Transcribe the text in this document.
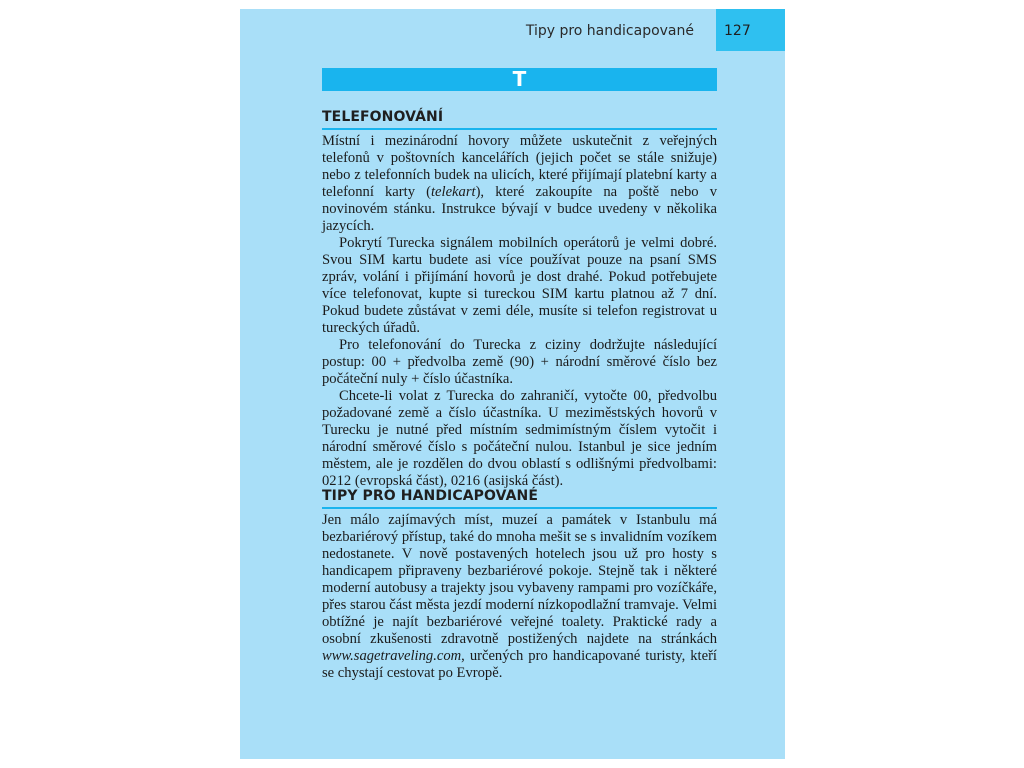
Tipy pro handicapované 127
T
TELEFONOVÁNÍ

Místní i mezinárodní hovory můžete uskutečnit z veřejných telefonů v poštovních kancelářích (jejich počet se stále snižuje) nebo z telefonních budek na ulicích, které přijímají platební karty a telefonní karty (telekart), které zakoupíte na poště nebo v novinovém stánku. Instrukce bývají v budce uvedeny v několika jazycích.

Pokrytí Turecka signálem mobilních operátorů je velmi dobré. Svou SIM kartu budete asi více používat pouze na psaní SMS zpráv, volání i přijímání hovorů je dost drahé. Pokud potřebujete více telefonovat, kupte si tureckou SIM kartu platnou až 7 dní. Pokud budete zůstávat v zemi déle, musíte si telefon registrovat u tureckých úřadů.

Pro telefonování do Turecka z ciziny dodržujte následující postup: 00 + předvolba země (90) + národní směrové číslo bez počáteční nuly + číslo účastníka.

Chcete-li volat z Turecka do zahraničí, vytočte 00, předvolbu požadované země a číslo účastníka. U meziměstských hovorů v Turecku je nutné před místním sedmimístným číslem vytočit i národní směrové číslo s počáteční nulou. Istanbul je sice jedním městem, ale je rozdělen do dvou oblastí s odlišnými předvolbami: 0212 (evropská část), 0216 (asijská část).

TIPY PRO HANDICAPOVANÉ

Jen málo zajímavých míst, muzeí a památek v Istanbulu má bezbariérový přístup, také do mnoha mešit se s invalidním vozíkem nedostanete. V nově postavených hotelech jsou už pro hosty s handicapem připraveny bezbariérové pokoje. Stejně tak i některé moderní autobusy a trajekty jsou vybaveny rampami pro vozíčkáře, přes starou část města jezdí moderní nízkopodlažní tramvaje. Velmi obtížné je najít bezbariérové veřejné toalety. Praktické rady a osobní zkušenosti zdravotně postižených najdete na stránkách www.sagetraveling.com, určených pro handicapované turisty, kteří se chystají cestovat po Evropě.
